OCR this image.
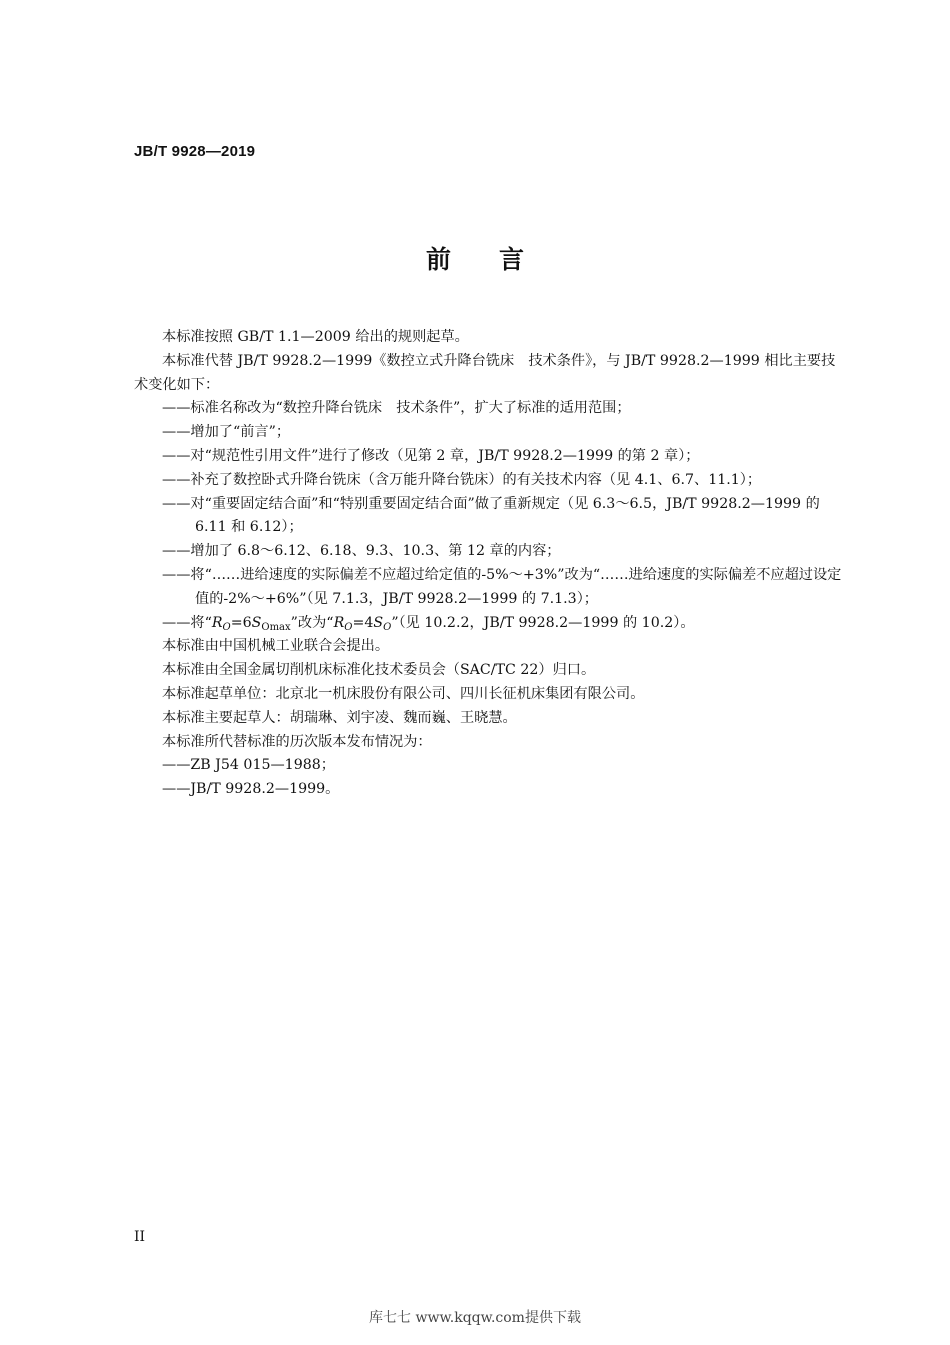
JB/T 9928—2019
前言

本标准按照 GB/T 1.1—2009 给出的规则起草。

本标准代替 JB/T 9928.2—1999《数控立式升降台铣床　技术条件》，与 JB/T 9928.2—1999 相比主要技术变化如下：

——标准名称改为“数控升降台铣床　技术条件”，扩大了标准的适用范围；

——增加了“前言”；

——对“规范性引用文件”进行了修改（见第 2 章，JB/T 9928.2—1999 的第 2 章）；

——补充了数控卧式升降台铣床（含万能升降台铣床）的有关技术内容（见 4.1、6.7、11.1）；

——对“重要固定结合面”和“特别重要固定结合面”做了重新规定（见 6.3～6.5，JB/T 9928.2—1999 的 6.11 和 6.12）；

——增加了 6.8～6.12、6.18、9.3、10.3、第 12 章的内容；

——将“……进给速度的实际偏差不应超过给定值的-5%～+3%”改为“……进给速度的实际偏差不应超过设定值的-2%～+6%”（见 7.1.3，JB/T 9928.2—1999 的 7.1.3）；

——将“$R_O=6S_{Omax}$”改为“$R_O=4S_O$”（见 10.2.2，JB/T 9928.2—1999 的 10.2）。

本标准由中国机械工业联合会提出。

本标准由全国金属切削机床标准化技术委员会（SAC/TC 22）归口。

本标准起草单位：北京北一机床股份有限公司、四川长征机床集团有限公司。

本标准主要起草人：胡瑞琳、刘宇凌、魏而巍、王晓慧。

本标准所代替标准的历次版本发布情况为：

——ZB J54 015—1988；

——JB/T 9928.2—1999。

II
库七七 www.kqqw.com提供下载
